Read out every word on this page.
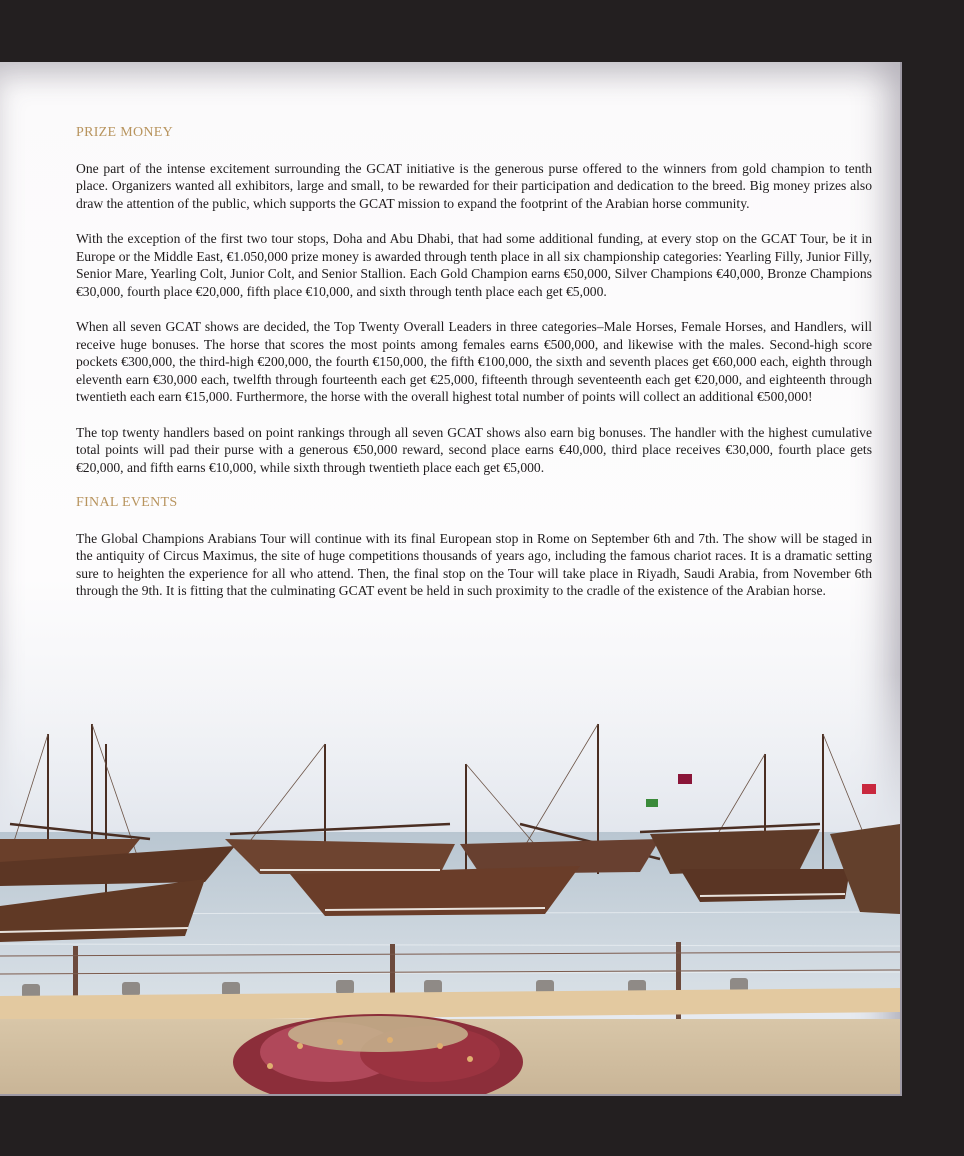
PRIZE MONEY

One part of the intense excitement surrounding the GCAT initiative is the generous purse offered to the winners from gold champion to tenth place. Organizers wanted all exhibitors, large and small, to be rewarded for their participation and dedication to the breed. Big money prizes also draw the attention of the public, which supports the GCAT mission to expand the footprint of the Arabian horse community.

With the exception of the first two tour stops, Doha and Abu Dhabi, that had some additional funding, at every stop on the GCAT Tour, be it in Europe or the Middle East, €1.050,000 prize money is awarded through tenth place in all six championship categories: Yearling Filly, Junior Filly, Senior Mare, Yearling Colt, Junior Colt, and Senior Stallion. Each Gold Champion earns €50,000, Silver Champions €40,000, Bronze Champions €30,000, fourth place €20,000, fifth place €10,000, and sixth through tenth place each get €5,000.

When all seven GCAT shows are decided, the Top Twenty Overall Leaders in three categories–Male Horses, Female Horses, and Handlers, will receive huge bonuses. The horse that scores the most points among females earns €500,000, and likewise with the males. Second-high score pockets €300,000, the third-high €200,000, the fourth €150,000, the fifth €100,000, the sixth and seventh places get €60,000 each, eighth through eleventh earn €30,000 each, twelfth through fourteenth each get €25,000, fifteenth through seventeenth each get €20,000, and eighteenth through twentieth each earn €15,000. Furthermore, the horse with the overall highest total number of points will collect an additional €500,000!

The top twenty handlers based on point rankings through all seven GCAT shows also earn big bonuses. The handler with the highest cumulative total points will pad their purse with a generous €50,000 reward, second place earns €40,000, third place receives €30,000, fourth place gets €20,000, and fifth earns €10,000, while sixth through twentieth place each get €5,000.

FINAL EVENTS

The Global Champions Arabians Tour will continue with its final European stop in Rome on September 6th and 7th. The show will be staged in the antiquity of Circus Maximus, the site of huge competitions thousands of years ago, including the famous chariot races. It is a dramatic setting sure to heighten the experience for all who attend. Then, the final stop on the Tour will take place in Riyadh, Saudi Arabia, from November 6th through the 9th. It is fitting that the culminating GCAT event be held in such proximity to the cradle of the existence of the Arabian horse.
